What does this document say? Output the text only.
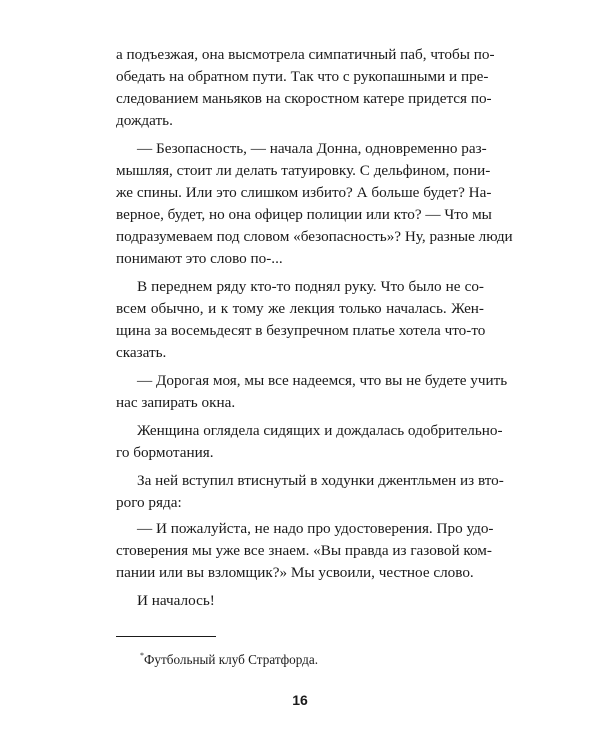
а подъезжая, она высмотрела симпатичный паб, чтобы по-
обедать на обратном пути. Так что с рукопашными и пре-
следованием маньяков на скоростном катере придется по-
дождать.
— Безопасность, — начала Донна, одновременно раз-
мышляя, стоит ли делать татуировку. С дельфином, пони-
же спины. Или это слишком избито? А больше будет? На-
верное, будет, но она офицер полиции или кто? — Что мы
подразумеваем под словом «безопасность»? Ну, разные люди
понимают это слово по-...
В переднем ряду кто-то поднял руку. Что было не со-
всем обычно, и к тому же лекция только началась. Жен-
щина за восемьдесят в безупречном платье хотела что-то
сказать.
— Дорогая моя, мы все надеемся, что вы не будете учить
нас запирать окна.
Женщина оглядела сидящих и дождалась одобрительно-
го бормотания.
За ней вступил втиснутый в ходунки джентльмен из вто-
рого ряда:
— И пожалуйста, не надо про удостоверения. Про удо-
стоверения мы уже все знаем. «Вы правда из газовой ком-
пании или вы взломщик?» Мы усвоили, честное слово.
И началось!
*Футбольный клуб Стратфорда.
16
